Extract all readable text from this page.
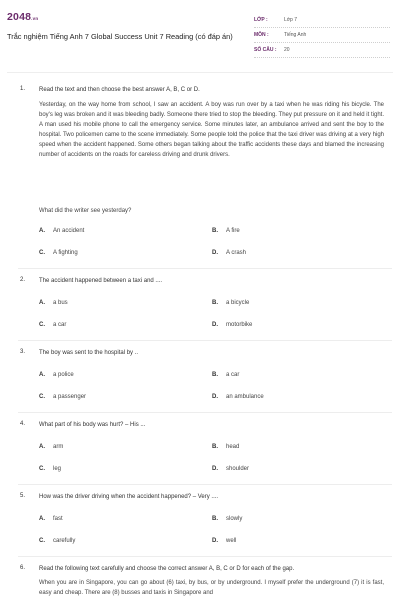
2048.vn
Trắc nghiệm Tiếng Anh 7 Global Success Unit 7 Reading (có đáp án)
LỚP :	Lớp 7
MÔN :	Tiếng Anh
SỐ CÂU :	20
1. Read the text and then choose the best answer A, B, C or D.
Yesterday, on the way home from school, I saw an accident. A boy was run over by a taxi when he was riding his bicycle. The boy's leg was broken and it was bleeding badly. Someone there tried to stop the bleeding. They put pressure on it and held it tight. A man used his mobile phone to call the emergency service. Some minutes later, an ambulance arrived and sent the boy to the hospital. Two policemen came to the scene immediately. Some people told the police that the taxi driver was driving at a very high speed when the accident happened. Some others began talking about the traffic accidents these days and blamed the increasing number of accidents on the roads for careless driving and drunk drivers.
What did the writer see yesterday?
A. An accident	B. A fire
C. A fighting	D. A crash
2. The accident happened between a taxi and ....
A. a bus	B. a bicycle
C. a car	D. motorbike
3. The boy was sent to the hospital by ..
A. a police	B. a car
C. a passenger	D. an ambulance
4. What part of his body was hurt? – His ...
A. arm	B. head
C. leg	D. shoulder
5. How was the driver driving when the accident happened? – Very ....
A. fast	B. slowly
C. carefully	D. well
6. Read the following text carefully and choose the correct answer A, B, C or D for each of the gap.
When you are in Singapore, you can go about (6) taxi, by bus, or by underground. I myself prefer the underground (7) it is fast, easy and cheap. There are (8) busses and taxis in Singapore and
